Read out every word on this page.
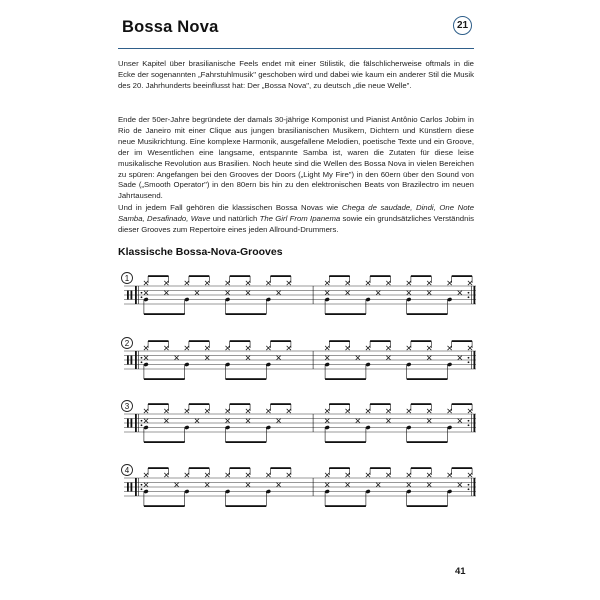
Bossa Nova	21

Unser Kapitel über brasilianische Feels endet mit einer Stilistik, die fälschlicherweise oftmals in die Ecke der sogenannten „Fahrstuhlmusik" geschoben wird und dabei wie kaum ein anderer Stil die Musik des 20. Jahrhunderts beeinflusst hat: Der „Bossa Nova", zu deutsch „die neue Welle".

Ende der 50er-Jahre begründete der damals 30-jährige Komponist und Pianist Antônio Carlos Jobim in Rio de Janeiro mit einer Clique aus jungen brasilianischen Musikern, Dichtern und Künstlern diese neue Musikrichtung. Eine komplexe Harmonik, ausgefallene Melodien, poetische Texte und ein Groove, der im Wesentlichen eine langsame, entspannte Samba ist, waren die Zutaten für diese leise musikalische Revolution aus Brasilien. Noch heute sind die Wellen des Bossa Nova in vielen Bereichen zu spüren: Angefangen bei den Grooves der Doors („Light My Fire") in den 60ern über den Sound von Sade („Smooth Operator") in den 80ern bis hin zu den elektronischen Beats von Brazilectro im neuen Jahrtausend.

Und in jedem Fall gehören die klassischen Bossa Novas wie Chega de saudade, Dindi, One Note Samba, Desafinado, Wave und natürlich The Girl From Ipanema sowie ein grundsätzliches Verständnis dieser Grooves zum Repertoire eines jeden Allround-Drummers.

Klassische Bossa-Nova-Grooves
1
2
3
4
41
